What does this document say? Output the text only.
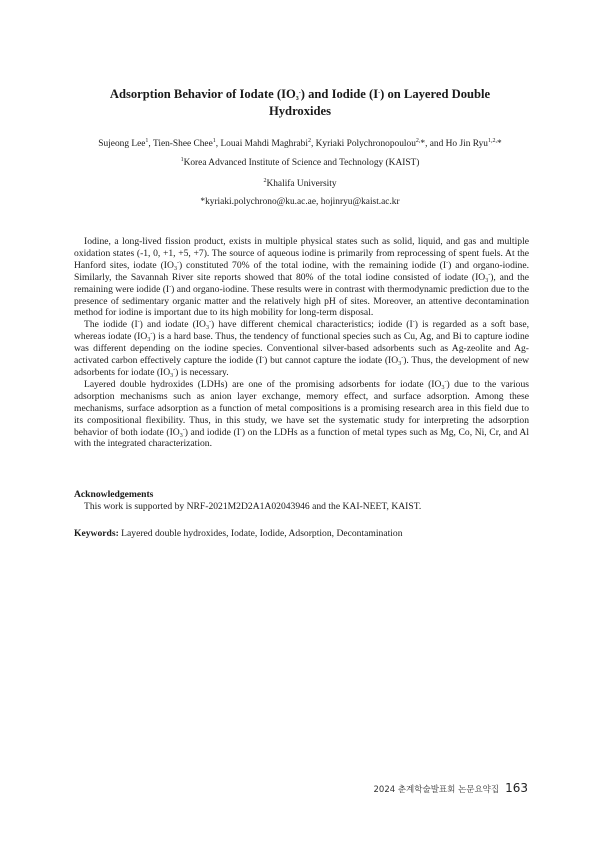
Adsorption Behavior of Iodate $(IO_3^-)$ and Iodide (I-) on Layered Double
Hydroxides
Sujeong Lee$^1$, Tien-Shee Chee$^1$, Louai Mahdi Maghrabi$^2$, Kyriaki Polychronopoulou$^{2,}$*, and Ho Jin Ryu$^{1,2,}$*
$^1$Korea Advanced Institute of Science and Technology (KAIST)
$^2$Khalifa University
*kyriaki.polychrono@ku.ac.ae, hojinryu@kaist.ac.kr

Iodine, a long-lived fission product, exists in multiple physical states such as solid, liquid, and gas and multiple oxidation states (-1, 0, +1, +5, +7). The source of aqueous iodine is primarily from reprocessing of spent fuels. At the Hanford sites, iodate $(IO_3^-)$ constituted 70% of the total iodine, with the remaining iodide (I-) and organo-iodine. Similarly, the Savannah River site reports showed that 80% of the total iodine consisted of iodate $(IO_3^-)$, and the remaining were iodide (I-) and organo-iodine. These results were in contrast with thermodynamic prediction due to the presence of sedimentary organic matter and the relatively high pH of sites. Moreover, an attentive decontamination method for iodine is important due to its high mobility for long-term disposal.

The iodide (I-) and iodate $(IO_3^-)$ have different chemical characteristics; iodide (I-) is regarded as a soft base, whereas iodate $(IO_3^-)$ is a hard base. Thus, the tendency of functional species such as Cu, Ag, and Bi to capture iodine was different depending on the iodine species. Conventional silver-based adsorbents such as Ag-zeolite and Ag-activated carbon effectively capture the iodide (I-) but cannot capture the iodate $(IO_3^-)$. Thus, the development of new adsorbents for iodate $(IO_3^-)$ is necessary.

Layered double hydroxides (LDHs) are one of the promising adsorbents for iodate $(IO_3^-)$ due to the various adsorption mechanisms such as anion layer exchange, memory effect, and surface adsorption. Among these mechanisms, surface adsorption as a function of metal compositions is a promising research area in this field due to its compositional flexibility. Thus, in this study, we have set the systematic study for interpreting the adsorption behavior of both iodate $(IO_3^-)$ and iodide (I-) on the LDHs as a function of metal types such as Mg, Co, Ni, Cr, and Al with the integrated characterization.

Acknowledgements
This work is supported by NRF-2021M2D2A1A02043946 and the KAI-NEET, KAIST.
Keywords: Layered double hydroxides, Iodate, Iodide, Adsorption, Decontamination
2024 춘계학술발표회 논문요약집 163
